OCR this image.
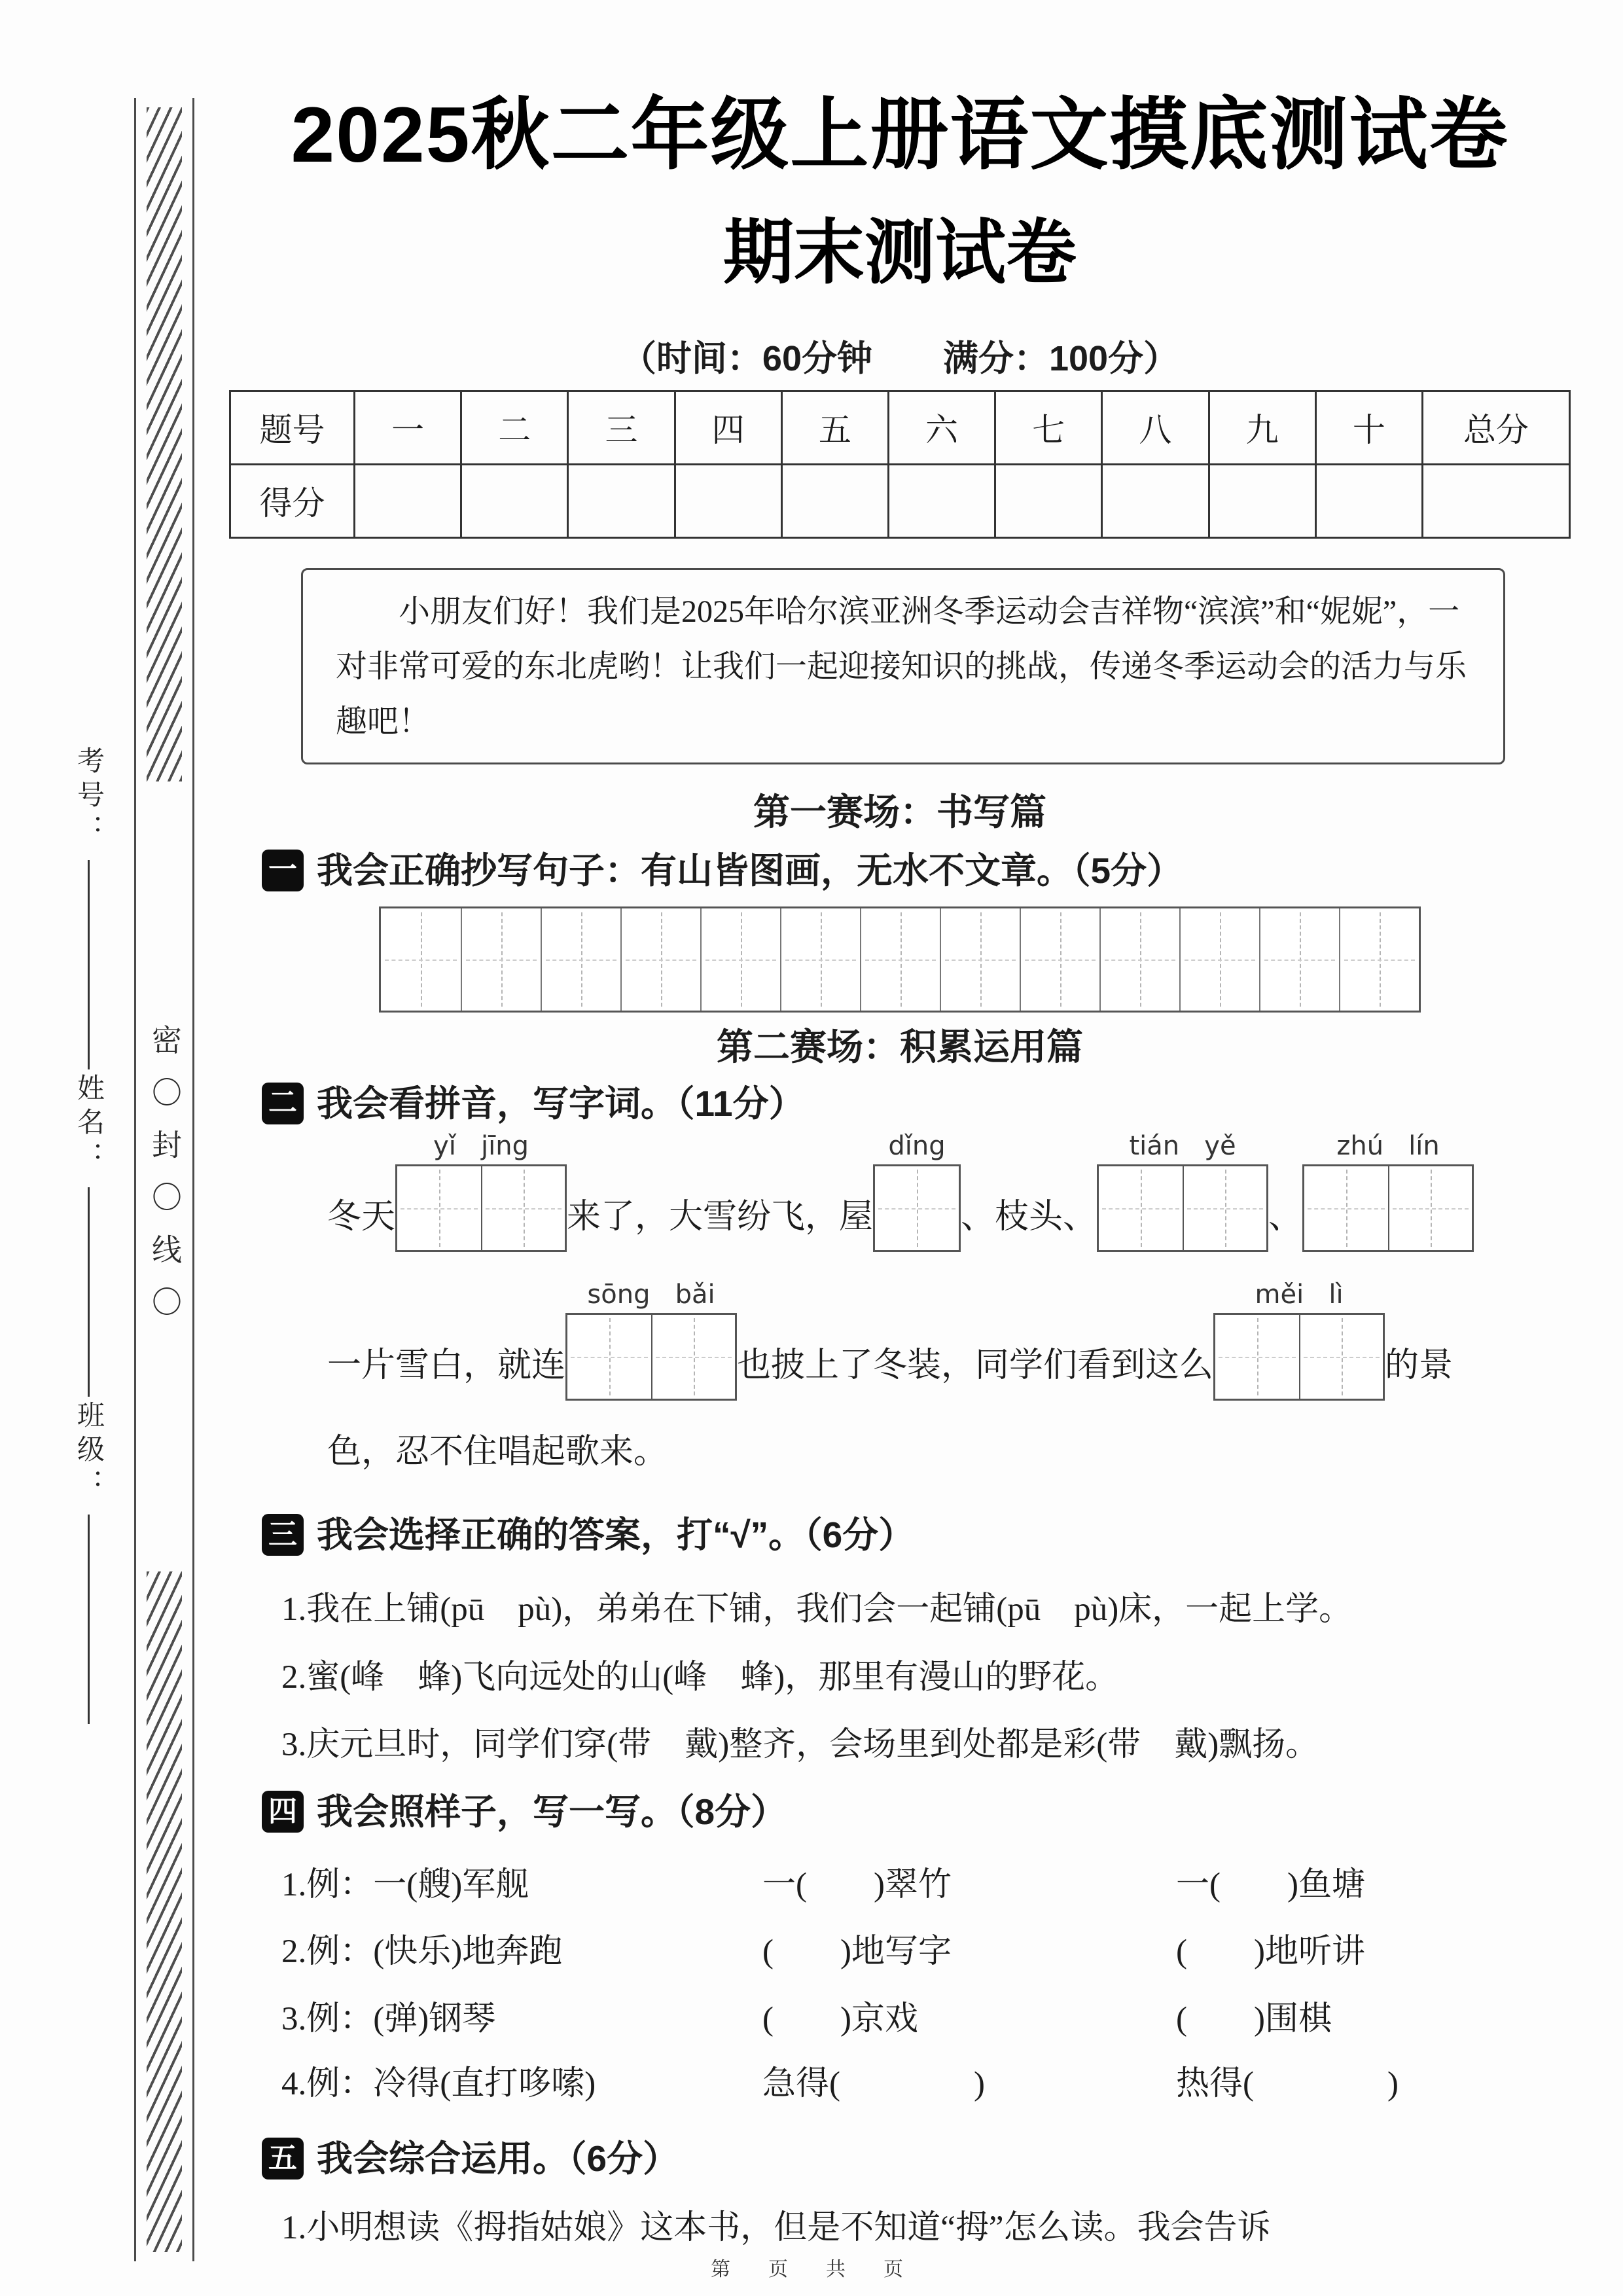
密〇封〇线〇
考号：
姓名：
班级：
2025秋二年级上册语文摸底测试卷
期末测试卷
（时间：60分钟　　满分：100分）
题号	一	二	三	四	五	六	七	八	九	十	总分
得分											
小朋友们好！我们是2025年哈尔滨亚洲冬季运动会吉祥物“滨滨”和“妮妮”，一对非常可爱的东北虎哟！让我们一起迎接知识的挑战，传递冬季运动会的活力与乐趣吧！
第一赛场：书写篇
一 我会正确抄写句子：有山皆图画，无水不文章。（5分）
第二赛场：积累运用篇
二 我会看拼音，写字词。（11分）
冬天
yǐ   jīng
来了，大雪纷飞，屋
dǐng
、枝头、
tián   yě
、
zhú   lín
一片雪白，就连
sōng   bǎi
也披上了冬装，同学们看到这么
měi   lì
的景

色，忍不住唱起歌来。

三 我会选择正确的答案，打“√”。（6分）

1.我在上铺(pū　pù)，弟弟在下铺，我们会一起铺(pū　pù)床，一起上学。

2.蜜(峰　蜂)飞向远处的山(峰　蜂)，那里有漫山的野花。

3.庆元旦时，同学们穿(带　戴)整齐，会场里到处都是彩(带　戴)飘扬。

四 我会照样子，写一写。（8分）
1.例：一(艘)军舰	一(　　)翠竹	一(　　)鱼塘
2.例：(快乐)地奔跑	(　　)地写字	(　　)地听讲
3.例：(弹)钢琴	(　　)京戏	(　　)围棋
4.例：冷得(直打哆嗦)	急得(　　　　)	热得(　　　　)
五 我会综合运用。（6分）

1.小明想读《拇指姑娘》这本书，但是不知道“拇”怎么读。我会告诉

第　页　共　页
